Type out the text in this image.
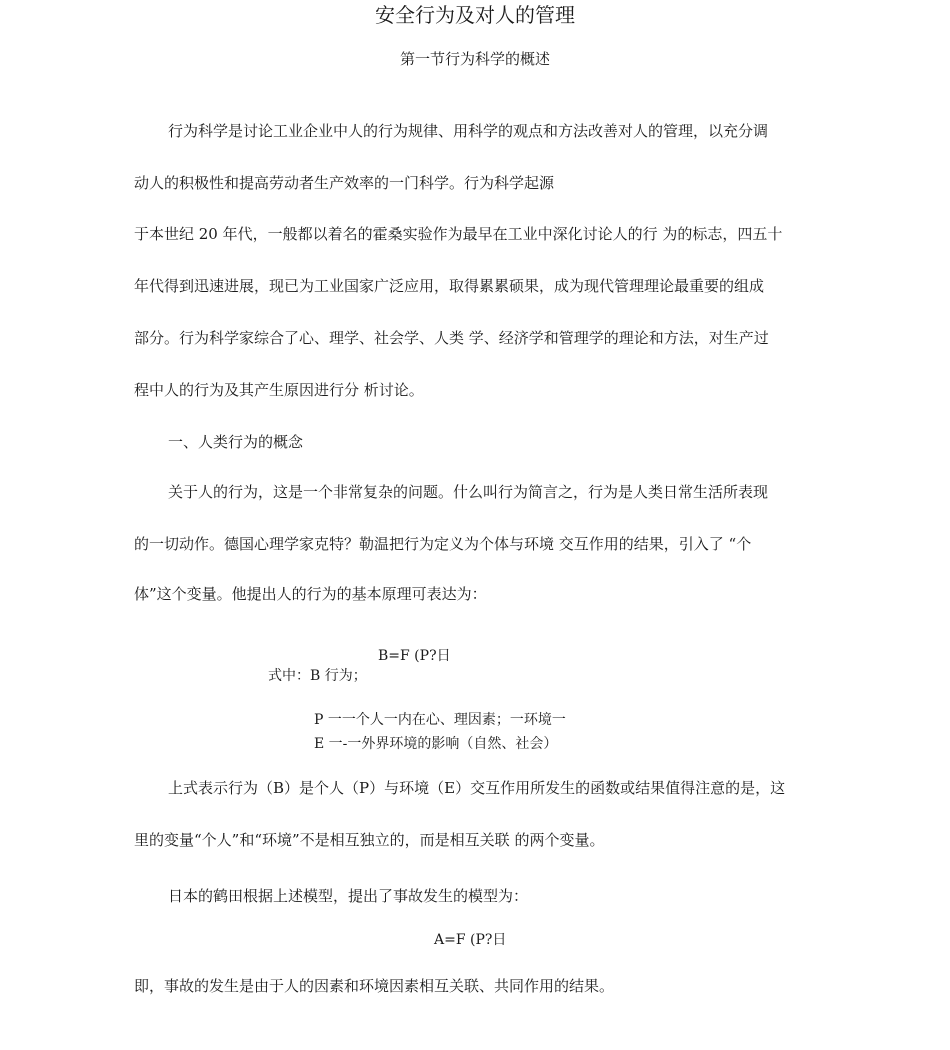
安全行为及对人的管理
第一节行为科学的概述
行为科学是讨论工业企业中人的行为规律、用科学的观点和方法改善对人的管理，以充分调
动人的积极性和提高劳动者生产效率的一门科学。行为科学起源
于本世纪 20 年代，一般都以着名的霍桑实验作为最早在工业中深化讨论人的行 为的标志，四五十
年代得到迅速进展，现已为工业国家广泛应用，取得累累硕果，成为现代管理理论最重要的组成
部分。行为科学家综合了心、理学、社会学、人类 学、经济学和管理学的理论和方法，对生产过
程中人的行为及其产生原因进行分 析讨论。
一、人类行为的概念
关于人的行为，这是一个非常复杂的问题。什么叫行为简言之，行为是人类日常生活所表现
的一切动作。德国心理学家克特？勒温把行为定义为个体与环境 交互作用的结果，引入了 “个
体”这个变量。他提出人的行为的基本原理可表达为：
B=F (P?日
式中：B 行为；
P 一一个人一内在心、理因素；一环境一
E 一-一外界环境的影响（自然、社会）
上式表示行为（B）是个人（P）与环境（E）交互作用所发生的函数或结果值得注意的是，这
里的变量“个人”和“环境”不是相互独立的，而是相互关联 的两个变量。
日本的鹤田根据上述模型，提出了事故发生的模型为：
A=F (P?日
即，事故的发生是由于人的因素和环境因素相互关联、共同作用的结果。
